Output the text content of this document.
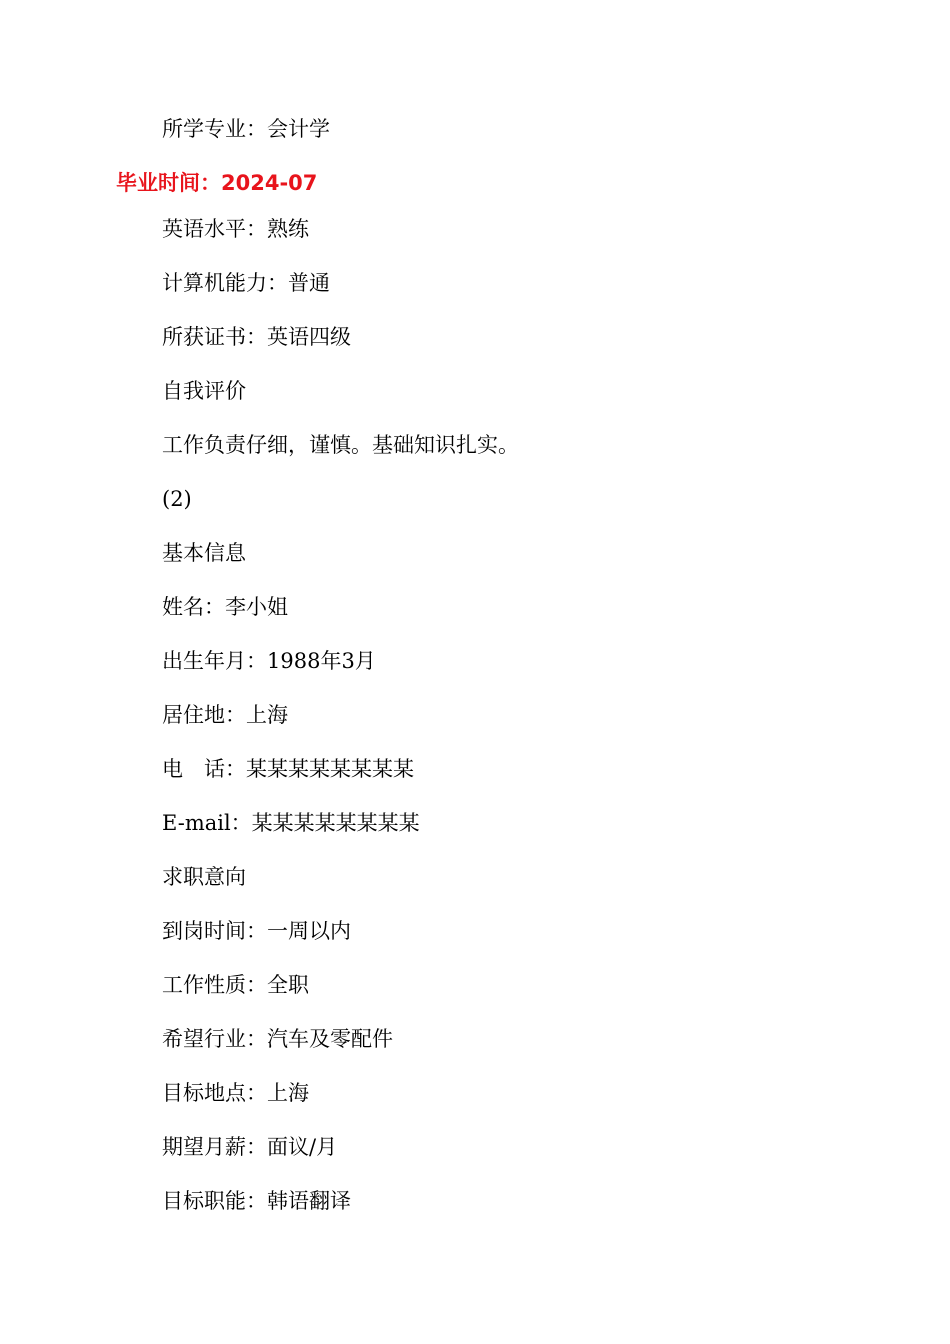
所学专业：会计学
毕业时间：2024-07
英语水平：熟练
计算机能力：普通
所获证书：英语四级
自我评价
工作负责仔细，谨慎。基础知识扎实。
(2)
基本信息
姓名：李小姐
出生年月：1988年3月
居住地：上海
电　话：某某某某某某某某
E-mail：某某某某某某某某
求职意向
到岗时间：一周以内
工作性质：全职
希望行业：汽车及零配件
目标地点：上海
期望月薪：面议/月
目标职能：韩语翻译
